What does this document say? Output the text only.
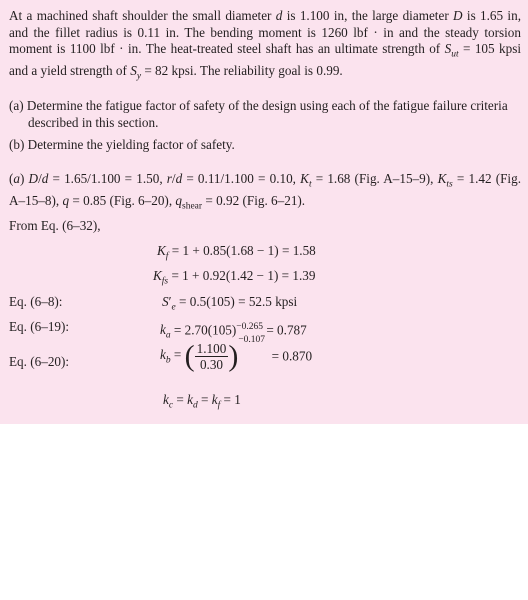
At a machined shaft shoulder the small diameter d is 1.100 in, the large diameter D is 1.65 in, and the fillet radius is 0.11 in. The bending moment is 1260 lbf · in and the steady torsion moment is 1100 lbf · in. The heat-treated steel shaft has an ultimate strength of $S_{ut} = 105$ kpsi and a yield strength of $S_y = 82$ kpsi. The reliability goal is 0.99.

(a) Determine the fatigue factor of safety of the design using each of the fatigue failure criteria described in this section.

(b) Determine the yielding factor of safety.

(a) D/d = 1.65/1.100 = 1.50, r/d = 0.11/1.100 = 0.10, $K_t = 1.68$ (Fig. A–15–9), $K_{ts} = 1.42$ (Fig. A–15–8), q = 0.85 (Fig. 6–20), $q_{shear} = 0.92$ (Fig. 6–21).

From Eq. (6–32),
$K_f = 1 + 0.85(1.68 - 1) = 1.58$
$K_{fs} = 1 + 0.92(1.42 - 1) = 1.39$
Eq. (6–8):	$S'_e = 0.5(105) = 52.5$ kpsi
Eq. (6–19):	$k_a = 2.70(105)^{-0.265} = 0.787$
Eq. (6–20):	$k_b$ = ( $\frac{1.100}{0.30} )^{-0.107} = 0.870$
$k_c = k_d = k_f = 1$
